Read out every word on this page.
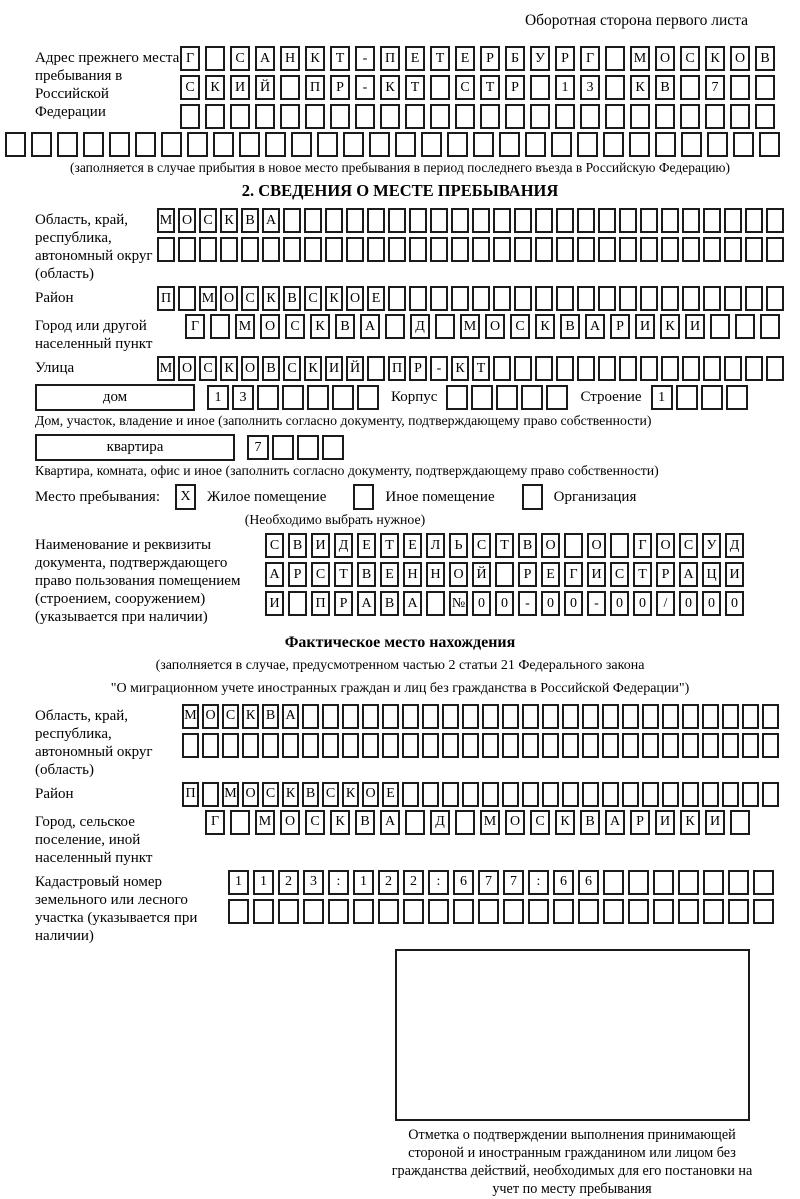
Оборотная сторона первого листа
Адрес прежнего места пребывания в Российской Федерации
Г	С	А	Н	К	Т	-	П	Е	Т	Е	Р	Б	У	Р	Г	М О	С	К	О	В
С	К	И	Й	П	Р	-	К	Т	С	Т	Р	1	3	К	В	7
(заполняется в случае прибытия в новое место пребывания в период последнего въезда в Российскую Федерацию)
2. СВЕДЕНИЯ О МЕСТЕ ПРЕБЫВАНИЯ
Область, край, республика, автономный округ (область)
М О С К В А
Район	П М О С К В С К О Е
Город или другой населенный пункт
Г	М О	С	К	В	А	Д	М О	С	К	В	А	Р	И	К	И
Улица	М О С К О В С К И Й П Р	-	К Т
дом	1	3	Корпус	Строение	1
Дом, участок, владение и иное (заполнить согласно документу, подтверждающему право собственности)
квартира	7
Квартира, комната, офис и иное (заполнить согласно документу, подтверждающему право собственности)
Место пребывания:	X	Жилое помещение	Иное помещение	Организация
(Необходимо выбрать нужное)
Наименование и реквизиты документа, подтверждающего право пользования помещением (строением, сооружением) (указывается при наличии)
С В И Д Е	Т	Е Л	Ь	С	Т	В О	О	Г О С У Д
А	Р	С	Т	В	Е Н Н О Й	Р	Е	Г И С	Т	Р	А Ц И
И	П	Р	А В А	№ 0	0	-	0	0	-	0	0	/	0	0	0
Фактическое место нахождения
(заполняется в случае, предусмотренном частью 2 статьи 21 Федерального закона
"О миграционном учете иностранных граждан и лиц без гражданства в Российской Федерации")
Область, край, республика, автономный округ (область)
М О С К В А
Район	П М О С К В С К О Е
Город, сельское поселение, иной населенный пункт
Г	М О	С	К	В	А	Д	М О	С	К	В	А	Р	И	К	И
Кадастровый номер земельного или лесного участка (указывается при наличии)
1	1	2	3	:	1	2	2	:	6	7	7	:	6	6
Отметка о подтверждении выполнения принимающей стороной и иностранным гражданином или лицом без гражданства действий, необходимых для его постановки на учет по месту пребывания
